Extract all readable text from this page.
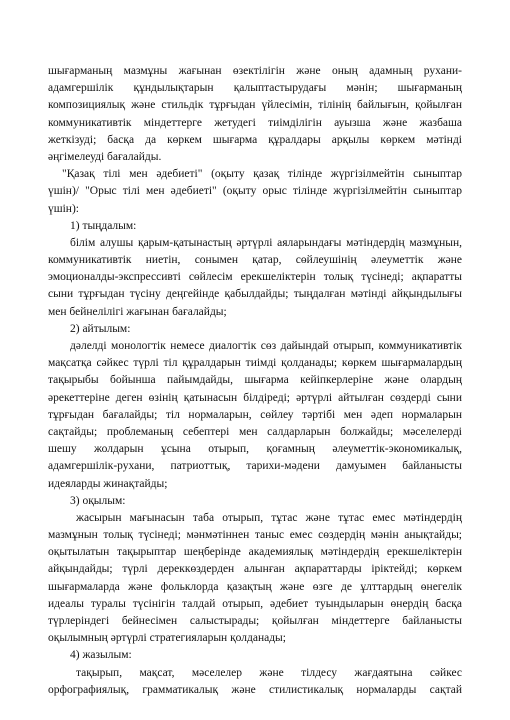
шығарманың мазмұны жағынан өзектілігін және оның адамның рухани-
адамгершілік құндылықтарын қалыптастырудағы мәнін; шығарманың
композициялық және стильдік тұрғыдан үйлесімін, тілінің байлығын, қойылған
коммуникативтік міндеттерге жетудегі тиімділігін ауызша және жазбаша
жеткізуді; басқа да көркем шығарма құралдары арқылы көркем мәтінді
әңгімелеуді бағалайды.
"Қазақ тілі мен әдебиеті" (оқыту қазақ тілінде жүргізілмейтін сыныптар
үшін)/ "Орыс тілі мен әдебиеті" (оқыту орыс тілінде жүргізілмейтін сыныптар
үшін):
1) тыңдалым:
білім алушы қарым-қатынастың әртүрлі аяларындағы мәтіндердің мазмұнын,
коммуникативтік ниетін, сонымен қатар, сөйлеушінің әлеуметтік және
эмоционалды-экспрессивті сөйлесім ерекшеліктерін толық түсінеді; ақпаратты
сыни тұрғыдан түсіну деңгейінде қабылдайды; тыңдалған мәтінді айқындылығы
мен бейнелілігі жағынан бағалайды;
2) айтылым:
дәлелді монологтік немесе диалогтік сөз дайындай отырып, коммуникативтік
мақсатқа сәйкес түрлі тіл құралдарын тиімді қолданады; көркем шығармалардың
тақырыбы бойынша пайымдайды, шығарма кейіпкерлеріне және олардың
әрекеттеріне деген өзінің қатынасын білдіреді; әртүрлі айтылған сөздерді сыни
тұрғыдан бағалайды; тіл нормаларын, сөйлеу тәртібі мен әдеп нормаларын
сақтайды; проблеманың себептері мен салдарларын болжайды; мәселелерді
шешу жолдарын ұсына отырып, қоғамның әлеуметтік-экономикалық,
адамгершілік-рухани, патриоттық, тарихи-мәдени дамуымен байланысты
идеяларды жинақтайды;
3) оқылым:
жасырын мағынасын таба отырып, тұтас және тұтас емес мәтіндердің
мазмұнын толық түсінеді; мәнмәтіннен таныс емес сөздердің мәнін анықтайды;
оқытылатын тақырыптар шеңберінде академиялық мәтіндердің ерекшеліктерін
айқындайды; түрлі дереккөздерден алынған ақпараттарды іріктейді; көркем
шығармаларда және фольклорда қазақтың және өзге де ұлттардың өнегелік
идеалы туралы түсінігін талдай отырып, әдебиет туындыларын өнердің басқа
түрлеріндегі бейнесімен салыстырады; қойылған міндеттерге байланысты
оқылымның әртүрлі стратегияларын қолданады;
4) жазылым:
тақырып, мақсат, мәселелер және тілдесу жағдаятына сәйкес
орфографиялық, грамматикалық және стилистикалық нормаларды сақтай
